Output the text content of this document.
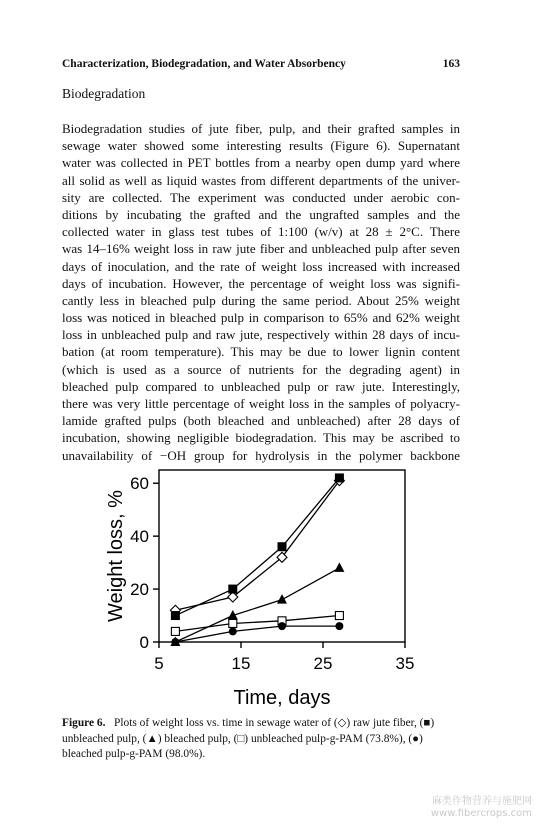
Characterization, Biodegradation, and Water Absorbency	163
Biodegradation
Biodegradation studies of jute fiber, pulp, and their grafted samples in
sewage water showed some interesting results (Figure 6). Supernatant
water was collected in PET bottles from a nearby open dump yard where
all solid as well as liquid wastes from different departments of the univer-
sity are collected. The experiment was conducted under aerobic con-
ditions by incubating the grafted and the ungrafted samples and the
collected water in glass test tubes of 1:100 (w/v) at 28 ± 2°C. There
was 14–16% weight loss in raw jute fiber and unbleached pulp after seven
days of inoculation, and the rate of weight loss increased with increased
days of incubation. However, the percentage of weight loss was signifi-
cantly less in bleached pulp during the same period. About 25% weight
loss was noticed in bleached pulp in comparison to 65% and 62% weight
loss in unbleached pulp and raw jute, respectively within 28 days of incu-
bation (at room temperature). This may be due to lower lignin content
(which is used as a source of nutrients for the degrading agent) in
bleached pulp compared to unbleached pulp or raw jute. Interestingly,
there was very little percentage of weight loss in the samples of polyacry-
lamide grafted pulps (both bleached and unbleached) after 28 days of
incubation, showing negligible biodegradation. This may be ascribed to
unavailability of −OH group for hydrolysis in the polymer backbone
0
20
40
60
5	15	25	35
Time, days
Weight loss, %
Figure 6. Plots of weight loss vs. time in sewage water of (◇) raw jute fiber, (■)
unbleached pulp, (▲) bleached pulp, (□) unbleached pulp-g-PAM (73.8%), (●)
bleached pulp-g-PAM (98.0%).
麻类作物营养与施肥网
www.fibercrops.com
